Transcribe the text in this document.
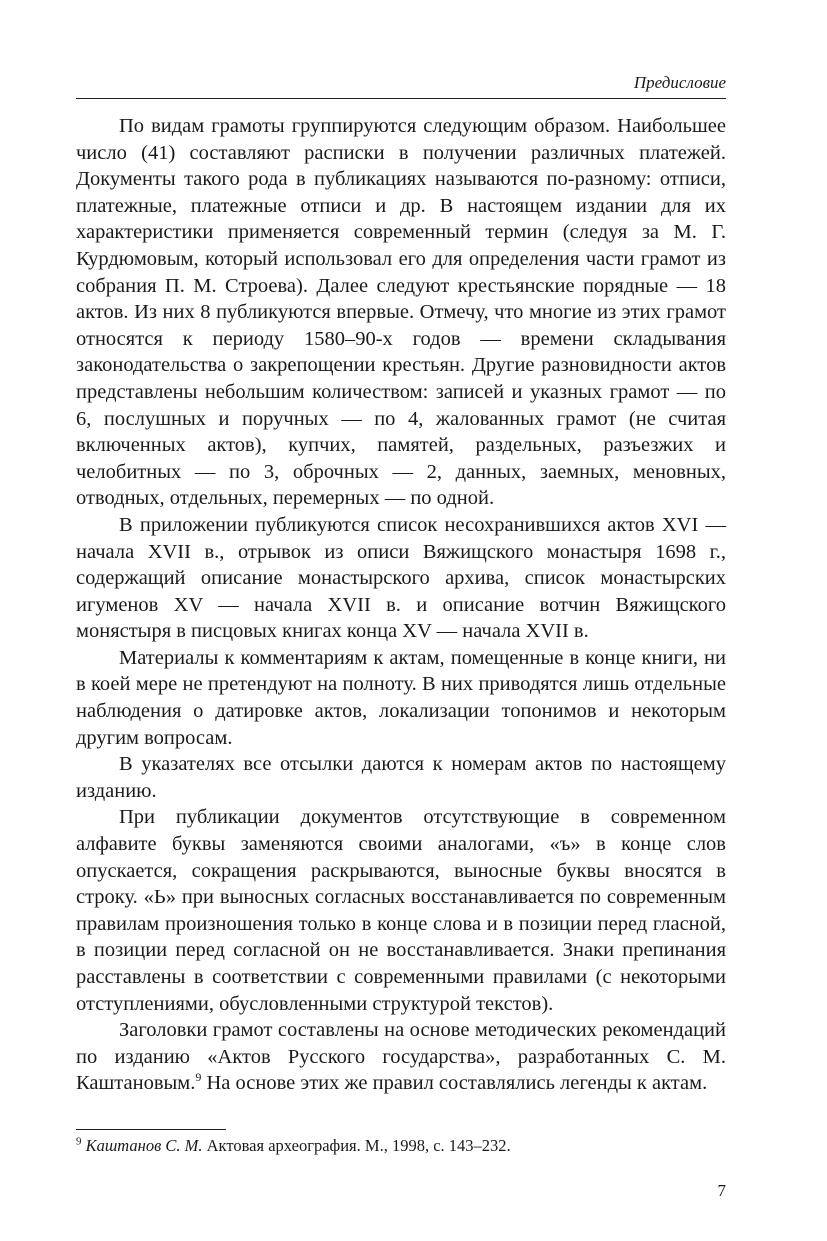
Предисловие

По видам грамоты группируются следующим образом. Наибольшее число (41) составляют расписки в получении различных платежей. Документы такого рода в публикациях называются по-разному: отписи, платежные, платежные отписи и др. В настоящем издании для их характеристики применяется современный термин (следуя за М. Г. Курдюмовым, который использовал его для определения части грамот из собрания П. М. Строева). Далее следуют крестьянские порядные — 18 актов. Из них 8 публикуются впервые. Отмечу, что многие из этих грамот относятся к периоду 1580–90-х годов — времени складывания законодательства о закрепощении крестьян. Другие разновидности актов представлены небольшим количеством: записей и указных грамот — по 6, послушных и поручных — по 4, жалованных грамот (не считая включенных актов), купчих, памятей, раздельных, разъезжих и челобитных — по 3, оброчных — 2, данных, заемных, меновных, отводных, отдельных, перемерных — по одной.

В приложении публикуются список несохранившихся актов XVI — начала XVII в., отрывок из описи Вяжищского монастыря 1698 г., содержащий описание монастырского архива, список монастырских игуменов XV — начала XVII в. и описание вотчин Вяжищского моняcтыря в писцовых книгах конца XV — начала XVII в.

Материалы к комментариям к актам, помещенные в конце книги, ни в коей мере не претендуют на полноту. В них приводятся лишь отдельные наблюдения о датировке актов, локализации топонимов и некоторым другим вопросам.

В указателях все отсылки даются к номерам актов по настоящему изданию.

При публикации документов отсутствующие в современном алфавите буквы заменяются своими аналогами, «ъ» в конце слов опускается, сокращения раскрываются, выносные буквы вносятся в строку. «Ь» при выносных согласных восстанавливается по современным правилам произношения только в конце слова и в позиции перед гласной, в позиции перед согласной он не восстанавливается. Знаки препинания расставлены в соответствии с современными правилами (с некоторыми отступлениями, обусловленными структурой текстов).

Заголовки грамот составлены на основе методических рекомендаций по изданию «Актов Русского государства», разработанных С. М. Каштановым.$^9$ На основе этих же правил составлялись легенды к актам.

$^9$ Каштанов С. М. Актовая археография. М., 1998, с. 143–232.
7
